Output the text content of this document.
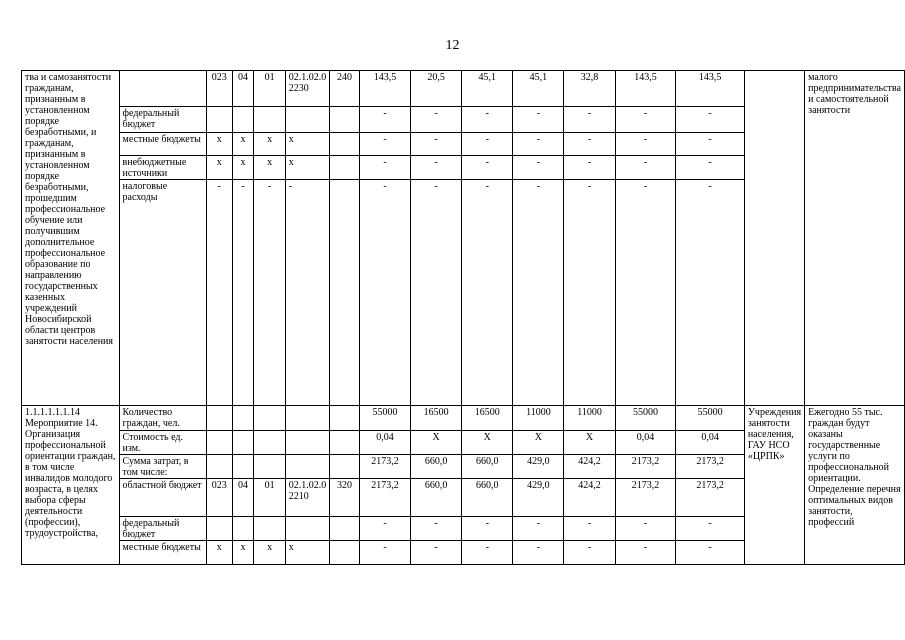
12
тва и самозанятости гражданам, признанным в установленном порядке безработными, и гражданам, признанным в установленном порядке безработными, прошедшим профессиональное обучение или получившим дополнительное профессиональное образование по направлению государственных казенных учреждений Новосибирской области центров занятости населения		023	04	01	02.1.02.0 2230	240	143,5	20,5	45,1	45,1	32,8	143,5	143,5		малого предпринимательства и самостоятельной занятости
	федеральный бюджет						-	-	-	-	-	-	-		
	местные бюджеты	x	x	x	x		-	-	-	-	-	-	-		
	внебюджетные источники	x	x	x	x		-	-	-	-	-	-	-		
	налоговые расходы	-	-	-	-		-	-	-	-	-	-	-		
1.1.1.1.1.1.14 Мероприятие 14. Организация профессиональной ориентации граждан, в том числе инвалидов молодого возраста, в целях выбора сферы деятельности (профессии), трудоустройства,	Количество граждан, чел.						55000	16500	16500	11000	11000	55000	55000	Учреждения занятости населения, ГАУ НСО «ЦРПК»	Ежегодно 55 тыс. граждан будут оказаны государственные услуги по профессиональной ориентации. Определение перечня оптимальных видов занятости, профессий
	Стоимость ед. изм.						0,04	X	X	X	X	0,04	0,04		
	Сумма затрат, в том числе:						2173,2	660,0	660,0	429,0	424,2	2173,2	2173,2		
	областной бюджет	023	04	01	02.1.02.0 2210	320	2173,2	660,0	660,0	429,0	424,2	2173,2	2173,2		
	федеральный бюджет						-	-	-	-	-	-	-		
	местные бюджеты	x	x	x	x		-	-	-	-	-	-	-		
